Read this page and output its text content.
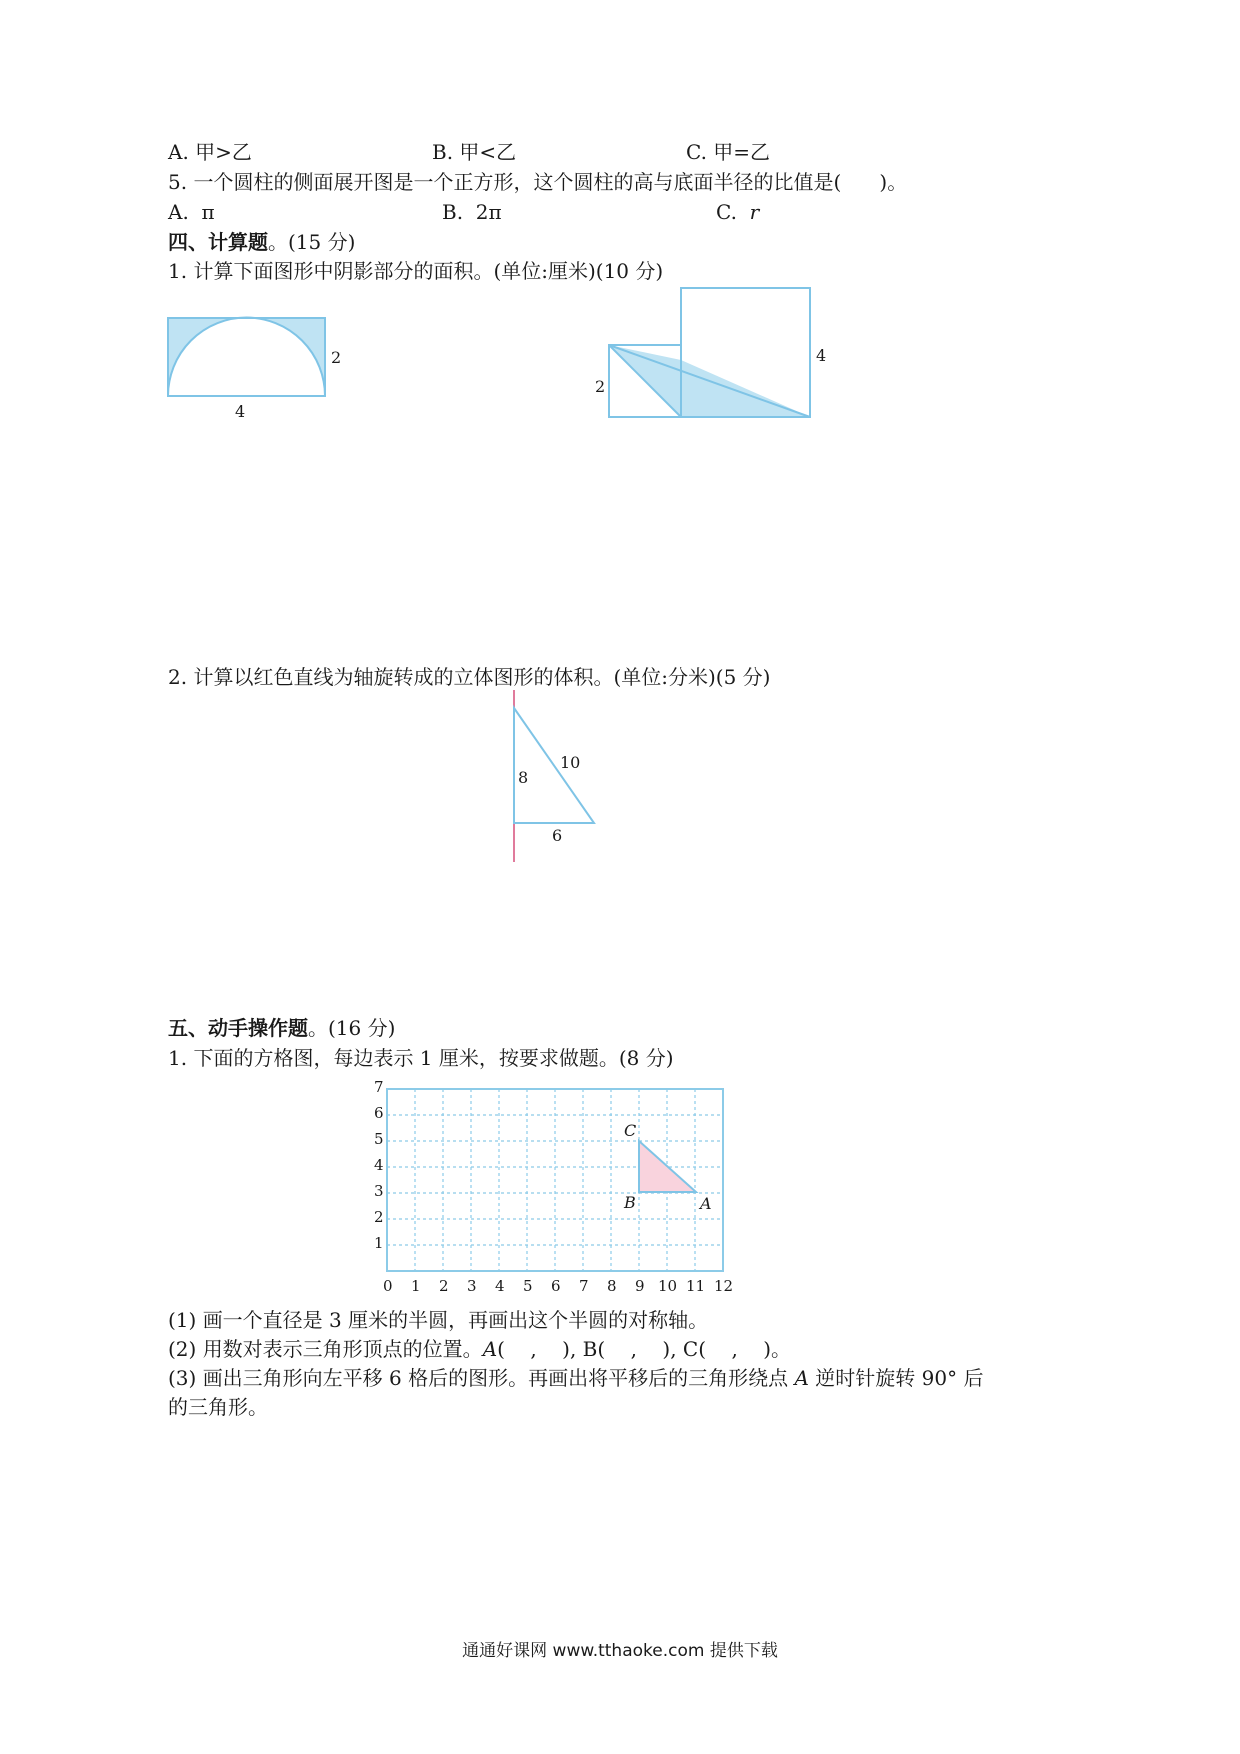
A. 甲>乙	B. 甲<乙	C. 甲=乙
5. 一个圆柱的侧面展开图是一个正方形，这个圆柱的高与底面半径的比值是(      )。
A.  π	B.  2π	C.  r
四、计算题。(15 分)
1. 计算下面图形中阴影部分的面积。(单位:厘米)(10 分)
2
4
2
4
2. 计算以红色直线为轴旋转成的立体图形的体积。(单位:分米)(5 分)
8
10
6
五、动手操作题。(16 分)
1. 下面的方格图，每边表示 1 厘米，按要求做题。(8 分)
0 1 2 3 4 5 6 7 8 9 10 11 12
1
2
3
4
5
6
7
C
B	A
(1) 画一个直径是 3 厘米的半圆，再画出这个半圆的对称轴。
(2) 用数对表示三角形顶点的位置。A(    ,    ), B(    ,    ), C(    ,    )。
(3) 画出三角形向左平移 6 格后的图形。再画出将平移后的三角形绕点 A 逆时针旋转 90° 后
的三角形。
通通好课网 www.tthaoke.com 提供下载
